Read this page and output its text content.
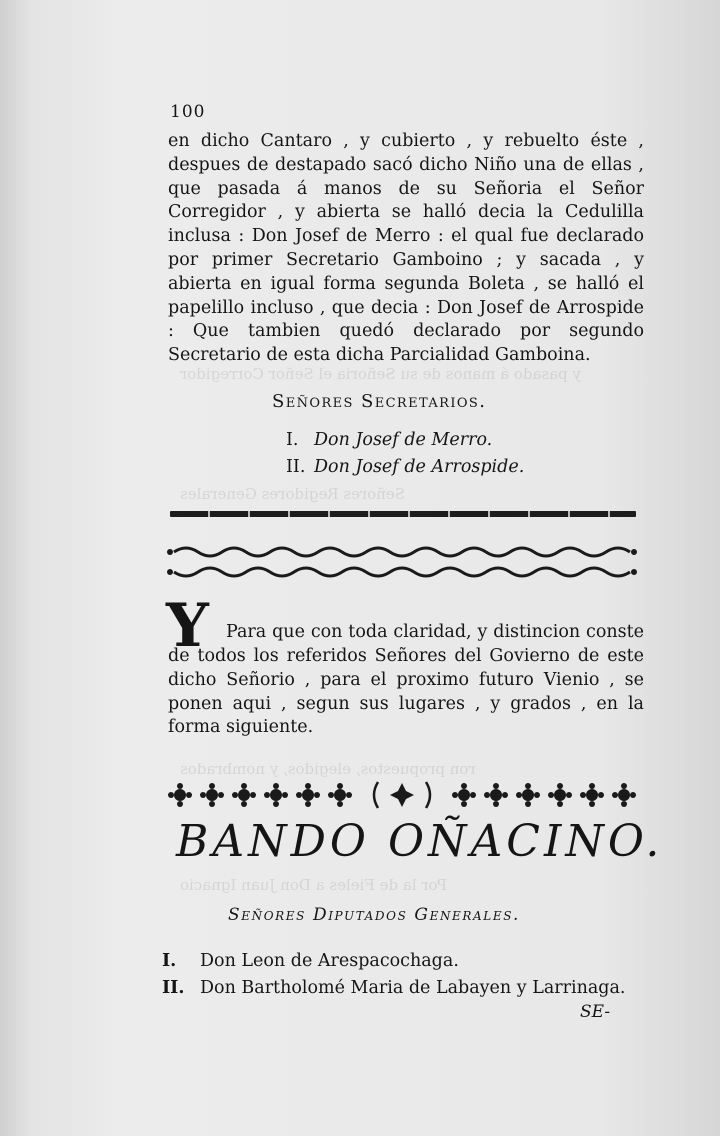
y pasado á manos de su Señoria el Señor Corregidor
Señores Regidores Generales
ron propuestos, elegidos, y nombrados
Por la de Fieles a Don Juan Ignacio
100
en dicho Cantaro , y cubierto , y rebuelto éste , despues de destapado sacó dicho Niño una de ellas , que pasada á manos de su Señoria el Señor Corregidor , y abierta se halló decia la Cedulilla inclusa : Don Josef de Merro : el qual fue declarado por primer Secretario Gamboino ; y sacada , y abierta en igual forma segunda Boleta , se halló el papelillo incluso , que decia : Don Josef de Arrospide : Que tambien quedó declarado por segundo Secretario de esta dicha Parcialidad Gamboina.
Señores Secretarios.
I. Don Josef de Merro.
II. Don Josef de Arrospide.
Y Para que con toda claridad, y distincion conste
de todos los referidos Señores del Govierno de este dicho Señorio , para el proximo futuro Vienio , se ponen aqui , segun sus lugares , y grados , en la forma siguiente.
BANDO OÑACINO.
Señores Diputados Generales.
I. Don Leon de Arespacochaga.
II. Don Bartholomé Maria de Labayen y Larrinaga.
SE-
